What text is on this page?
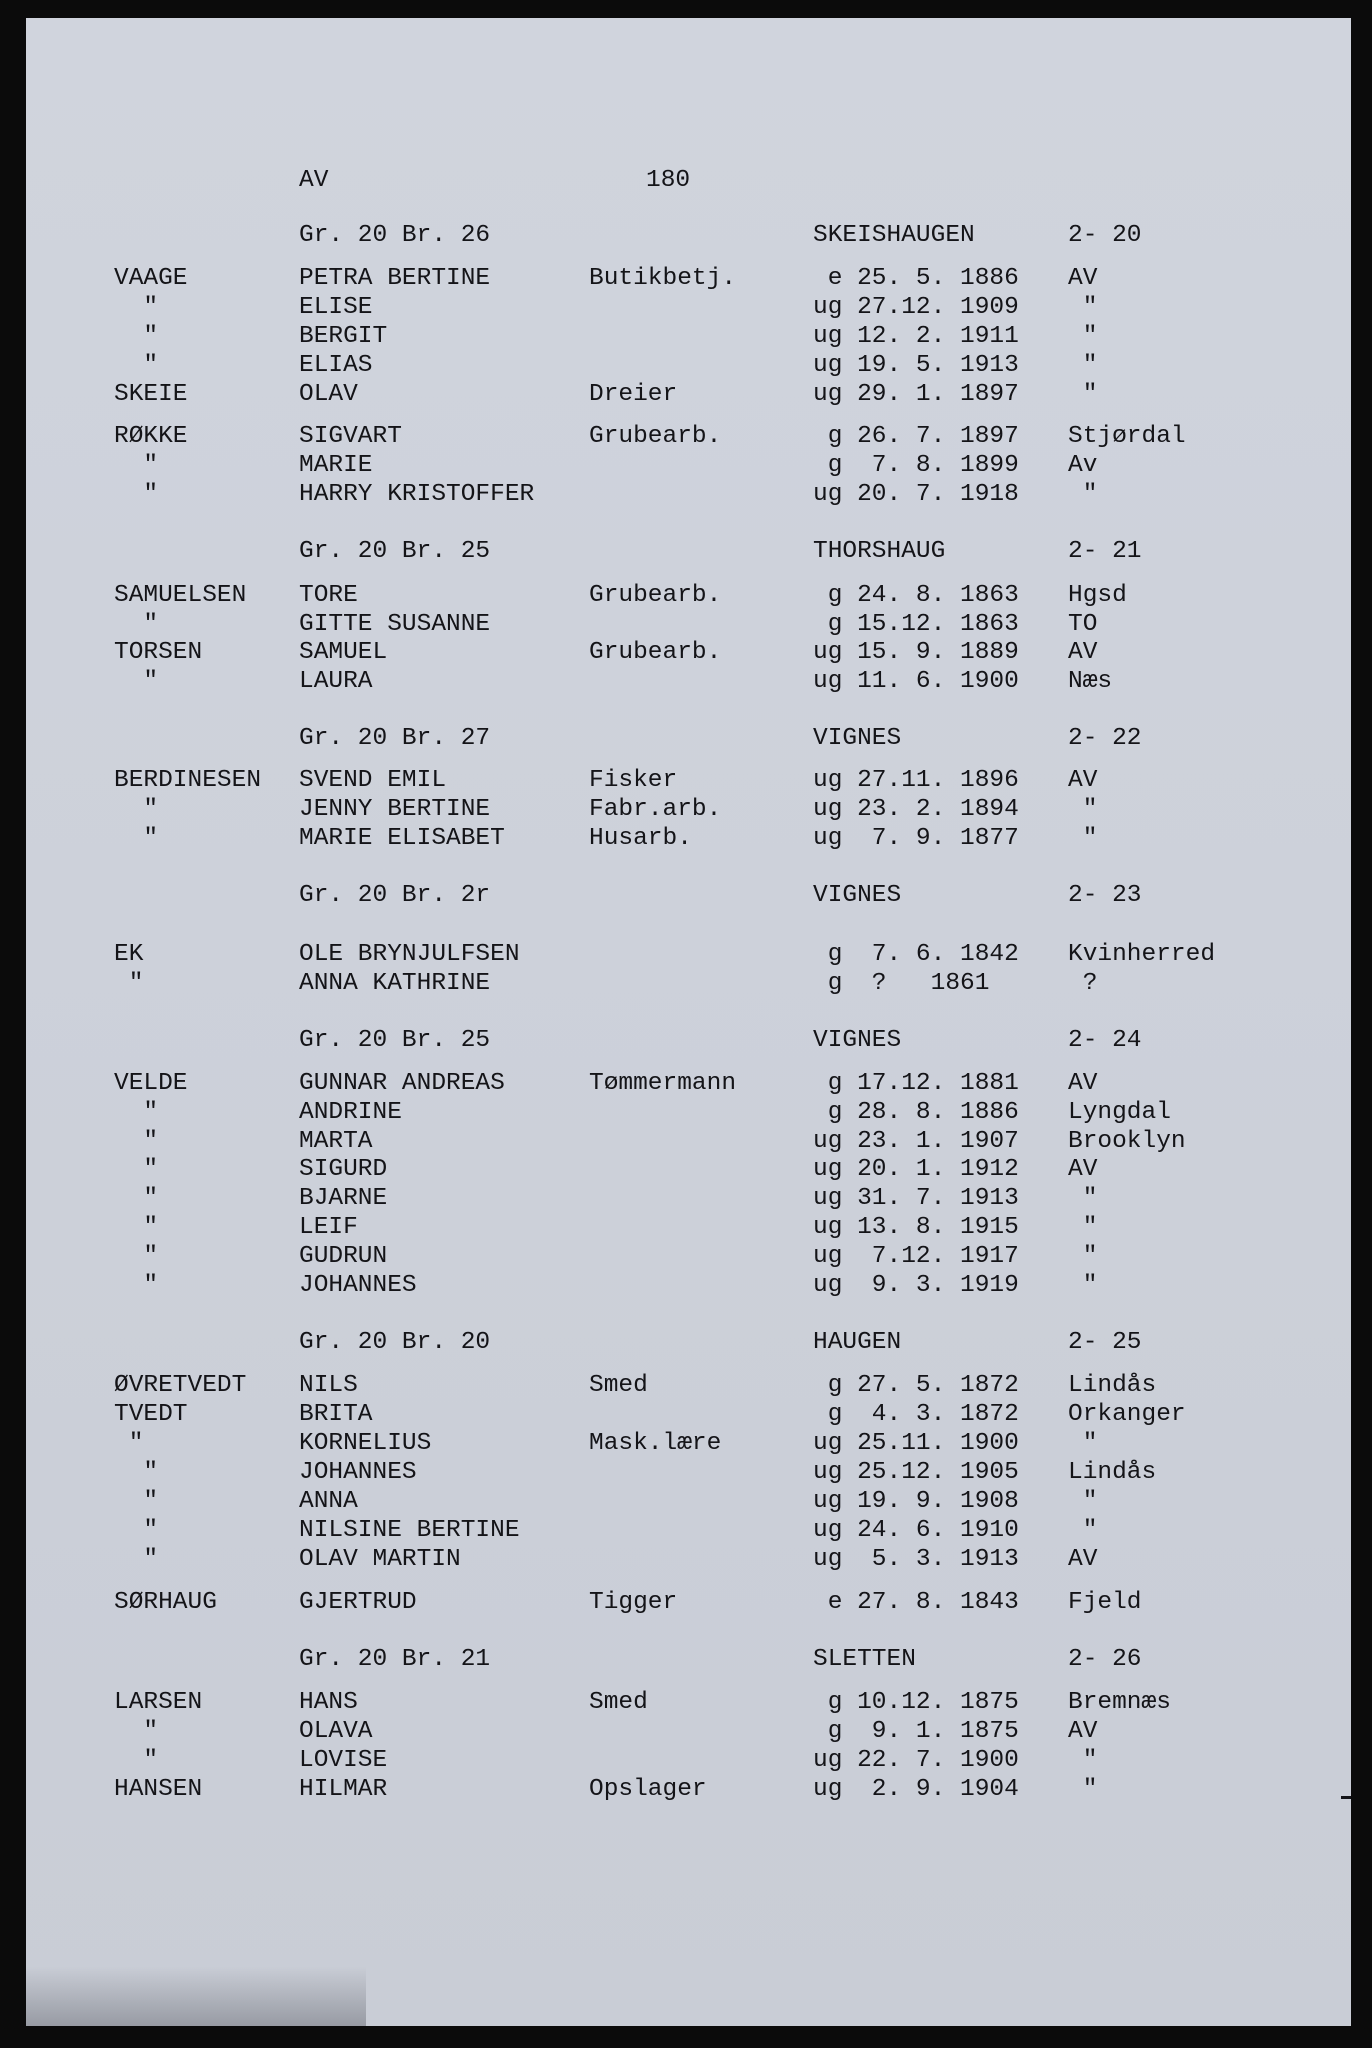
AV	180
Gr. 20 Br. 26	SKEISHAUGEN	2- 20
VAAGE	PETRA BERTINE	Butikbetj.	e 25. 5. 1886 AV
"	ELISE	ug 27.12. 1909 "
"	BERGIT	ug 12. 2. 1911 "
"	ELIAS	ug 19. 5. 1913 "
SKEIE	OLAV	Dreier	ug 29. 1. 1897 "
RØKKE	SIGVART	Grubearb.	g 26. 7. 1897 Stjørdal
"	MARIE	g  7. 8. 1899 Av
"	HARRY KRISTOFFER	ug 20. 7. 1918 "
Gr. 20 Br. 25	THORSHAUG	2- 21
SAMUELSEN TORE	Grubearb.	g 24. 8. 1863 Hgsd
"	GITTE SUSANNE	g 15.12. 1863 TO
TORSEN	SAMUEL	Grubearb.	ug 15. 9. 1889 AV
"	LAURA	ug 11. 6. 1900 Næs
Gr. 20 Br. 27	VIGNES	2- 22
BERDINESEN SVEND EMIL	Fisker	ug 27.11. 1896 AV
"	JENNY BERTINE	Fabr.arb.	ug 23. 2. 1894 "
"	MARIE ELISABET	Husarb.	ug  7. 9. 1877 "
Gr. 20 Br. 2r	VIGNES	2- 23
EK	OLE BRYNJULFSEN	g  7. 6. 1842 Kvinherred
"	ANNA KATHRINE	g  ?   1861	?
Gr. 20 Br. 25	VIGNES	2- 24
VELDE	GUNNAR ANDREAS	Tømmermann	g 17.12. 1881 AV
"	ANDRINE	g 28. 8. 1886 Lyngdal
"	MARTA	ug 23. 1. 1907 Brooklyn
"	SIGURD	ug 20. 1. 1912 AV
"	BJARNE	ug 31. 7. 1913 "
"	LEIF	ug 13. 8. 1915 "
"	GUDRUN	ug  7.12. 1917 "
"	JOHANNES	ug  9. 3. 1919 "
Gr. 20 Br. 20	HAUGEN	2- 25
ØVRETVEDT NILS	Smed	g 27. 5. 1872 Lindås
TVEDT	BRITA	g  4. 3. 1872 Orkanger
"	KORNELIUS	Mask.lære	ug 25.11. 1900 "
"	JOHANNES	ug 25.12. 1905 Lindås
"	ANNA	ug 19. 9. 1908 "
"	NILSINE BERTINE	ug 24. 6. 1910 "
"	OLAV MARTIN	ug  5. 3. 1913 AV
SØRHAUG	GJERTRUD	Tigger	e 27. 8. 1843 Fjeld
Gr. 20 Br. 21	SLETTEN	2- 26
LARSEN	HANS	Smed	g 10.12. 1875 Bremnæs
"	OLAVA	g  9. 1. 1875 AV
"	LOVISE	ug 22. 7. 1900 "
HANSEN	HILMAR	Opslager	ug  2. 9. 1904 "
